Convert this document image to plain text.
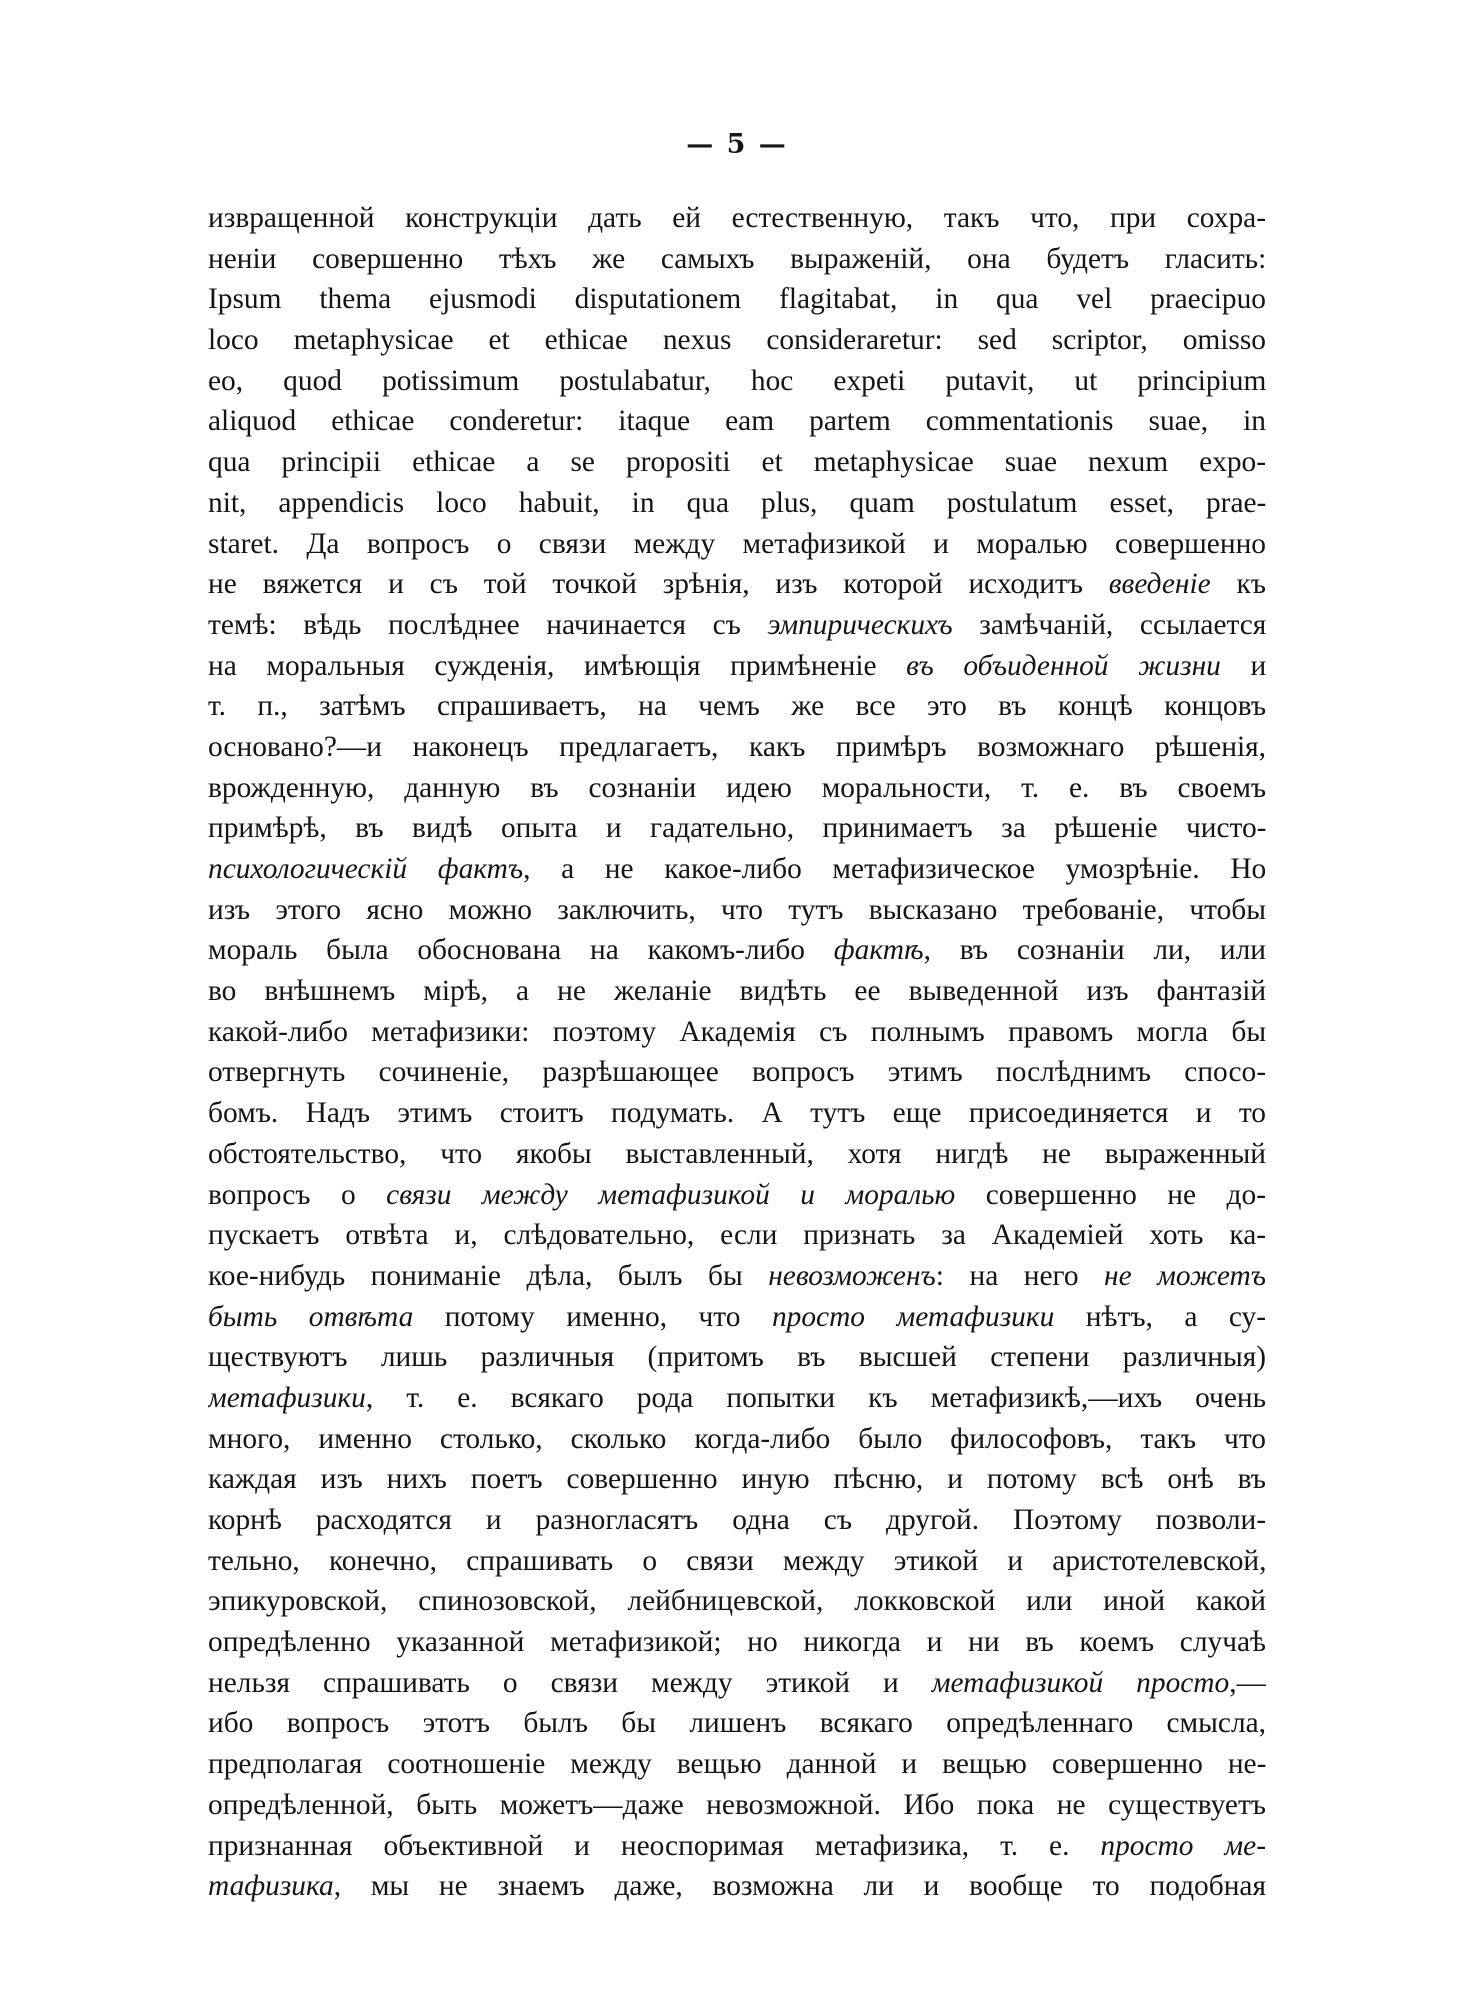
— 5 —
извращенной конструкціи дать ей естественную, такъ что, при сохра-
неніи совершенно тѣхъ же самыхъ выраженій, она будетъ гласить:
Ipsum thema ejusmodi disputationem flagitabat, in qua vel praecipuo
loco metaphysicae et ethicae nexus consideraretur: sed scriptor, omisso
eo, quod potissimum postulabatur, hoc expeti putavit, ut principium
aliquod ethicae conderetur: itaque eam partem commentationis suae, in
qua principii ethicae a se propositi et metaphysicae suae nexum expo-
nit, appendicis loco habuit, in qua plus, quam postulatum esset, prae-
staret. Да вопросъ о связи между метафизикой и моралью совершенно
не вяжется и съ той точкой зрѣнія, изъ которой исходитъ введеніе къ
темѣ: вѣдь послѣднее начинается съ эмпирическихъ замѣчаній, ссылается
на моральныя сужденія, имѣющія примѣненіе въ объиденной жизни и
т. п., затѣмъ спрашиваетъ, на чемъ же все это въ концѣ концовъ
основано?—и наконецъ предлагаетъ, какъ примѣръ возможнаго рѣшенія,
врожденную, данную въ сознаніи идею моральности, т. е. въ своемъ
примѣрѣ, въ видѣ опыта и гадательно, принимаетъ за рѣшеніе чисто-
психологическій фактъ, а не какое-либо метафизическое умозрѣніе. Но
изъ этого ясно можно заключить, что тутъ высказано требованіе, чтобы
мораль была обоснована на какомъ-либо фактѣ, въ сознаніи ли, или
во внѣшнемъ мірѣ, а не желаніе видѣть ее выведенной изъ фантазій
какой-либо метафизики: поэтому Академія съ полнымъ правомъ могла бы
отвергнуть сочиненіе, разрѣшающее вопросъ этимъ послѣднимъ спосо-
бомъ. Надъ этимъ стоитъ подумать. А тутъ еще присоединяется и то
обстоятельство, что якобы выставленный, хотя нигдѣ не выраженный
вопросъ о связи между метафизикой и моралью совершенно не до-
пускаетъ отвѣта и, слѣдовательно, если признать за Академіей хоть ка-
кое-нибудь пониманіе дѣла, былъ бы невозможенъ: на него не можетъ
быть отвѣта потому именно, что просто метафизики нѣтъ, а су-
ществуютъ лишь различныя (притомъ въ высшей степени различныя)
метафизики, т. е. всякаго рода попытки къ метафизикѣ,—ихъ очень
много, именно столько, сколько когда-либо было философовъ, такъ что
каждая изъ нихъ поетъ совершенно иную пѣсню, и потому всѣ онѣ въ
корнѣ расходятся и разногласятъ одна съ другой. Поэтому позволи-
тельно, конечно, спрашивать о связи между этикой и аристотелевской,
эпикуровской, спинозовской, лейбницевской, локковской или иной какой
опредѣленно указанной метафизикой; но никогда и ни въ коемъ случаѣ
нельзя спрашивать о связи между этикой и метафизикой просто,—
ибо вопросъ этотъ былъ бы лишенъ всякаго опредѣленнаго смысла,
предполагая соотношеніе между вещью данной и вещью совершенно не-
опредѣленной, быть можетъ—даже невозможной. Ибо пока не существуетъ
признанная объективной и неоспоримая метафизика, т. е. просто ме-
тафизика, мы не знаемъ даже, возможна ли и вообще то подобная
